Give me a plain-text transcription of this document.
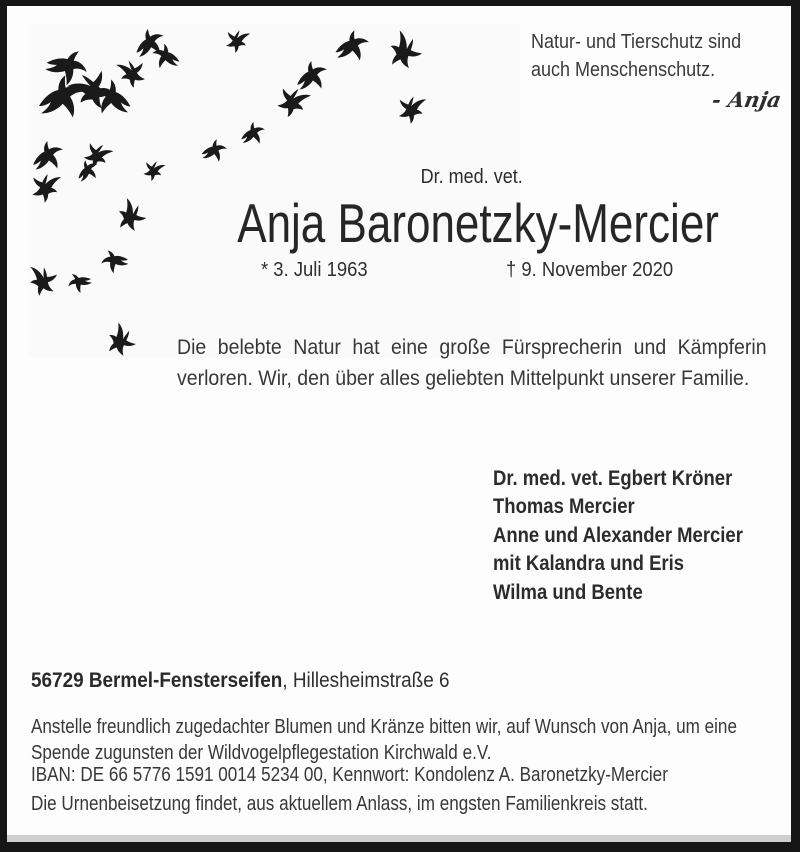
Natur- und Tierschutz sind
auch Menschenschutz.
- Anja
Dr. med. vet.
Anja Baronetzky-Mercier
* 3. Juli 1963	† 9. November 2020
Die belebte Natur hat eine große Fürsprecherin und Kämpferin verloren. Wir, den über alles geliebten Mittelpunkt unserer Familie.
Dr. med. vet. Egbert Kröner
Thomas Mercier
Anne und Alexander Mercier
mit Kalandra und Eris
Wilma und Bente
56729 Bermel-Fensterseifen, Hillesheimstraße 6
Anstelle freundlich zugedachter Blumen und Kränze bitten wir, auf Wunsch von Anja, um eine Spende zugunsten der Wildvogelpflegestation Kirchwald e.V.
IBAN: DE 66 5776 1591 0014 5234 00, Kennwort: Kondolenz A. Baronetzky-Mercier
Die Urnenbeisetzung findet, aus aktuellem Anlass, im engsten Familienkreis statt.
